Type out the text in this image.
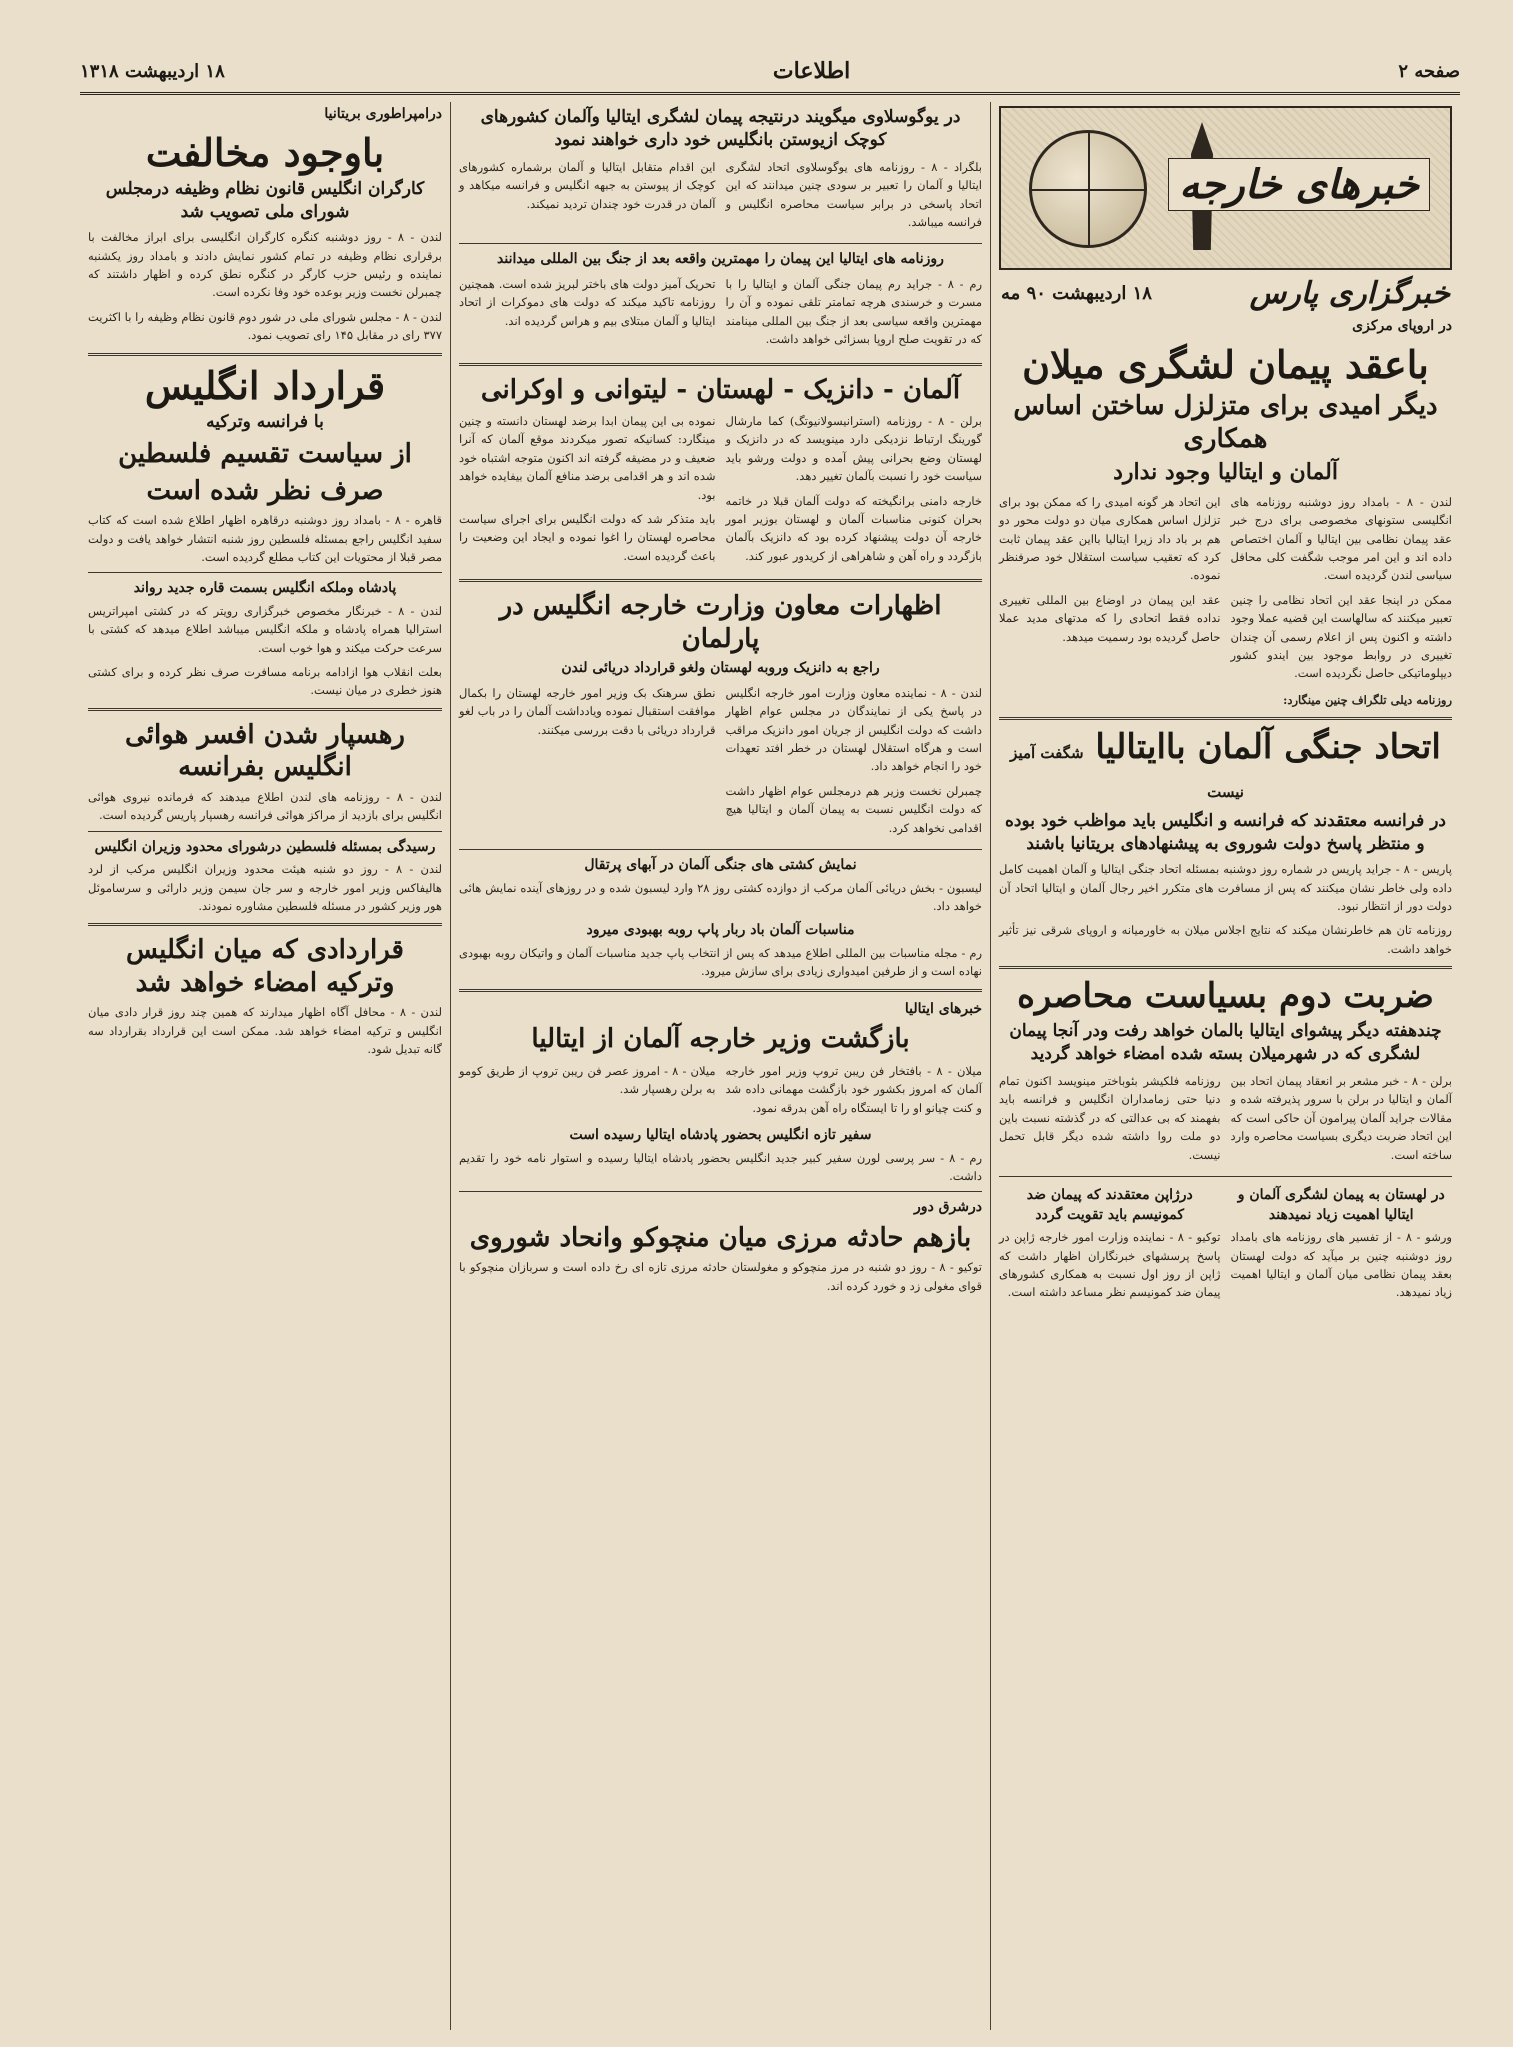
صفحه ۲
اطلاعات
۱۸ اردیبهشت ۱۳۱۸
خبرهای خارجه
خبرگزاری پارس
۱۸ اردیبهشت ۹۰ مه
در اروپای مرکزی
باعقد پیمان لشگری میلان
دیگر امیدی برای متزلزل ساختن اساس همکاری
آلمان و ایتالیا وجود ندارد

لندن - ۸ - بامداد روز دوشنبه روزنامه های انگلیسی ستونهای مخصوصی برای درج خبر عقد پیمان نظامی بین ایتالیا و آلمان اختصاص داده اند و این امر موجب شگفت کلی محافل سیاسی لندن گردیده است.

ممکن در اینجا عقد این اتحاد نظامی را چنین تعبیر میکنند که سالهاست این قضیه عملا وجود داشته و اکنون پس از اعلام رسمی آن چندان تغییری در روابط موجود بین ایندو کشور دیپلوماتیکی حاصل نگردیده است.

این اتحاد هر گونه امیدی را که ممکن بود برای تزلزل اساس همکاری میان دو دولت محور دو هم بر باد داد زیرا ایتالیا بااین عقد پیمان ثابت کرد که تعقیب سیاست استقلال خود صرفنظر نموده.

عقد این پیمان در اوضاع بین المللی تغییری نداده فقط اتحادی را که مدتهای مدید عملا حاصل گردیده بود رسمیت میدهد.

روزنامه دیلی تلگراف چنین مینگارد:

اتحاد جنگی آلمان باایتالیا شگفت آمیز نیست
در فرانسه معتقدند که فرانسه و انگلیس باید مواظب خود بوده و منتظر پاسخ دولت شوروی به پیشنهادهای بریتانیا باشند

پاریس - ۸ - جراید پاریس در شماره روز دوشنبه بمسئله اتحاد جنگی ایتالیا و آلمان اهمیت کامل داده ولی خاطر نشان میکنند که پس از مسافرت های متکرر اخیر رجال آلمان و ایتالیا اتحاد آن دولت دور از انتظار نبود.

روزنامه تان هم خاطرنشان میکند که نتایج اجلاس میلان به خاورمیانه و اروپای شرقی نیز تأثیر خواهد داشت.

ضربت دوم بسیاست محاصره
چندهفته دیگر پیشوای ایتالیا بالمان خواهد رفت ودر آنجا پیمان لشگری که در شهرمیلان بسته شده امضاء خواهد گردید

برلن - ۸ - خبر مشعر بر انعقاد پیمان اتحاد بین آلمان و ایتالیا در برلن با سرور پذیرفته شده و مقالات جراید آلمان پیرامون آن حاکی است که این اتحاد ضربت دیگری بسیاست محاصره وارد ساخته است.

روزنامه فلکیشر بئوباختر مینویسد اکنون تمام دنیا حتی زمامداران انگلیس و فرانسه باید بفهمند که بی عدالتی که در گذشته نسبت باین دو ملت روا داشته شده دیگر قابل تحمل نیست.

در لهستان به پیمان لشگری آلمان و ایتالیا اهمیت زیاد نمیدهند

ورشو - ۸ - از تفسیر های روزنامه های بامداد روز دوشنبه چنین بر میآید که دولت لهستان بعقد پیمان نظامی میان آلمان و ایتالیا اهمیت زیاد نمیدهد.

درژاپن معتقدند که پیمان ضد کمونیسم باید تقویت گردد

توکیو - ۸ - نماینده وزارت امور خارجه ژاپن در پاسخ پرسشهای خبرنگاران اظهار داشت که ژاپن از روز اول نسبت به همکاری کشورهای پیمان ضد کمونیسم نظر مساعد داشته است.

در یوگوسلاوی میگویند درنتیجه پیمان لشگری ایتالیا وآلمان کشورهای کوچک ازیوستن بانگلیس خود داری خواهند نمود

بلگراد - ۸ - روزنامه های یوگوسلاوی اتحاد لشگری ایتالیا و آلمان را تعبیر بر سودی چنین میدانند که این اتحاد پاسخی در برابر سیاست محاصره انگلیس و فرانسه میباشد.

این اقدام متقابل ایتالیا و آلمان برشماره کشورهای کوچک از پیوستن به جبهه انگلیس و فرانسه میکاهد و آلمان در قدرت خود چندان تردید نمیکند.

روزنامه های ایتالیا این پیمان را مهمترین واقعه بعد از جنگ بین المللی میدانند

رم - ۸ - جراید رم پیمان جنگی آلمان و ایتالیا را با مسرت و خرسندی هرچه تمامتر تلقی نموده و آن را مهمترین واقعه سیاسی بعد از جنگ بین المللی مینامند که در تقویت صلح اروپا بسزائی خواهد داشت.

تحریک آمیز دولت های باختر لبریز شده است. همچنین روزنامه تاکید میکند که دولت های دموکرات از اتحاد ایتالیا و آلمان مبتلای بیم و هراس گردیده اند.

آلمان - دانزیک - لهستان - لیتوانی و اوکرانی

برلن - ۸ - روزنامه (استرانیسولانیوتگ) کما مارشال گورینگ ارتباط نزدیکی دارد مینویسد که در دانزیک و لهستان وضع بحرانی پیش آمده و دولت ورشو باید سیاست خود را نسبت بآلمان تغییر دهد.

خارجه دامنی برانگیخته که دولت آلمان قبلا در خاتمه بحران کنونی مناسبات آلمان و لهستان بوزیر امور خارجه آن دولت پیشنهاد کرده بود که دانزیک بآلمان بازگردد و راه آهن و شاهراهی از کریدور عبور کند.

نموده بی این پیمان ابدا برضد لهستان دانسته و چنین مینگارد: کسانیکه تصور میکردند موقع آلمان که آنرا ضعیف و در مضیقه گرفته اند اکنون متوجه اشتباه خود شده اند و هر اقدامی برضد منافع آلمان بیفایده خواهد بود.

باید متذکر شد که دولت انگلیس برای اجرای سیاست محاصره لهستان را اغوا نموده و ایجاد این وضعیت را باعث گردیده است.

اظهارات معاون وزارت خارجه انگلیس در پارلمان
راجع به دانزیک وروبه لهستان ولغو قرارداد دریائی لندن

لندن - ۸ - نماینده معاون وزارت امور خارجه انگلیس در پاسخ یکی از نمایندگان در مجلس عوام اظهار داشت که دولت انگلیس از جریان امور دانزیک مراقب است و هرگاه استقلال لهستان در خطر افتد تعهدات خود را انجام خواهد داد.

چمبرلن نخست وزیر هم درمجلس عوام اظهار داشت که دولت انگلیس نسبت به پیمان آلمان و ایتالیا هیچ اقدامی نخواهد کرد.

نطق سرهنک بک وزیر امور خارجه لهستان را بکمال موافقت استقبال نموده ویادداشت آلمان را در باب لغو قرارداد دریائی با دقت بررسی میکنند.

نمایش کشتی های جنگی آلمان در آبهای پرتقال

لیسبون - بخش دریائی آلمان مرکب از دوازده کشتی روز ۲۸ وارد لیسبون شده و در روزهای آینده نمایش هائی خواهد داد.

مناسبات آلمان باد ربار پاپ روبه بهبودی میرود

رم - مجله مناسبات بین المللی اطلاع میدهد که پس از انتخاب پاپ جدید مناسبات آلمان و واتیکان روبه بهبودی نهاده است و از طرفین امیدواری زیادی برای سازش میرود.

خبرهای ایتالیا
بازگشت وزیر خارجه آلمان از ایتالیا

میلان - ۸ - بافتخار فن ریبن تروپ وزیر امور خارجه آلمان که امروز بکشور خود بازگشت مهمانی داده شد و کنت چیانو او را تا ایستگاه راه آهن بدرقه نمود.

میلان - ۸ - امروز عصر فن ریبن تروپ از طریق کومو به برلن رهسپار شد.

سفیر تازه انگلیس بحضور پادشاه ایتالیا رسیده است

رم - ۸ - سر پرسی لورن سفیر کبیر جدید انگلیس بحضور پادشاه ایتالیا رسیده و استوار نامه خود را تقدیم داشت.

درشرق دور
بازهم حادثه مرزی میان منچوکو وانحاد شوروی

توکیو - ۸ - روز دو شنبه در مرز منچوکو و مغولستان حادثه مرزی تازه ای رخ داده است و سربازان منچوکو با قوای مغولی زد و خورد کرده اند.

درامپراطوری بریتانیا
باوجود مخالفت
کارگران انگلیس قانون نظام وظیفه درمجلس شورای ملی تصویب شد

لندن - ۸ - روز دوشنبه کنگره کارگران انگلیسی برای ابراز مخالفت با برقراری نظام وظیفه در تمام کشور نمایش دادند و بامداد روز یکشنبه نماینده و رئیس حزب کارگر در کنگره نطق کرده و اظهار داشتند که چمبرلن نخست وزیر بوعده خود وفا نکرده است.

لندن - ۸ - مجلس شورای ملی در شور دوم قانون نظام وظیفه را با اکثریت ۳۷۷ رای در مقابل ۱۴۵ رای تصویب نمود.

قرارداد انگلیس
با فرانسه وترکیه
از سیاست تقسیم فلسطین
صرف نظر شده است

قاهره - ۸ - بامداد روز دوشنبه درقاهره اظهار اطلاع شده است که کتاب سفید انگلیس راجع بمسئله فلسطین روز شنبه انتشار خواهد یافت و دولت مصر قبلا از محتویات این کتاب مطلع گردیده است.

پادشاه وملکه انگلیس بسمت قاره جدید رواند

لندن - ۸ - خبرنگار مخصوص خبرگزاری رویتر که در کشتی امپراتریس استرالیا همراه پادشاه و ملکه انگلیس میباشد اطلاع میدهد که کشتی با سرعت حرکت میکند و هوا خوب است.

بعلت انقلاب هوا ازادامه برنامه مسافرت صرف نظر کرده و برای کشتی هنوز خطری در میان نیست.

رهسپار شدن افسر هوائی انگلیس بفرانسه

لندن - ۸ - روزنامه های لندن اطلاع میدهند که فرمانده نیروی هوائی انگلیس برای بازدید از مراکز هوائی فرانسه رهسپار پاریس گردیده است.

رسیدگی بمسئله فلسطین درشورای محدود وزیران انگلیس

لندن - ۸ - روز دو شنبه هیئت محدود وزیران انگلیس مرکب از لرد هالیفاکس وزیر امور خارجه و سر جان سیمن وزیر دارائی و سرساموئل هور وزیر کشور در مسئله فلسطین مشاوره نمودند.

قراردادی که میان انگلیس وترکیه امضاء خواهد شد

لندن - ۸ - محافل آگاه اظهار میدارند که همین چند روز قرار دادی میان انگلیس و ترکیه امضاء خواهد شد. ممکن است این قرارداد بقرارداد سه گانه تبدیل شود.
